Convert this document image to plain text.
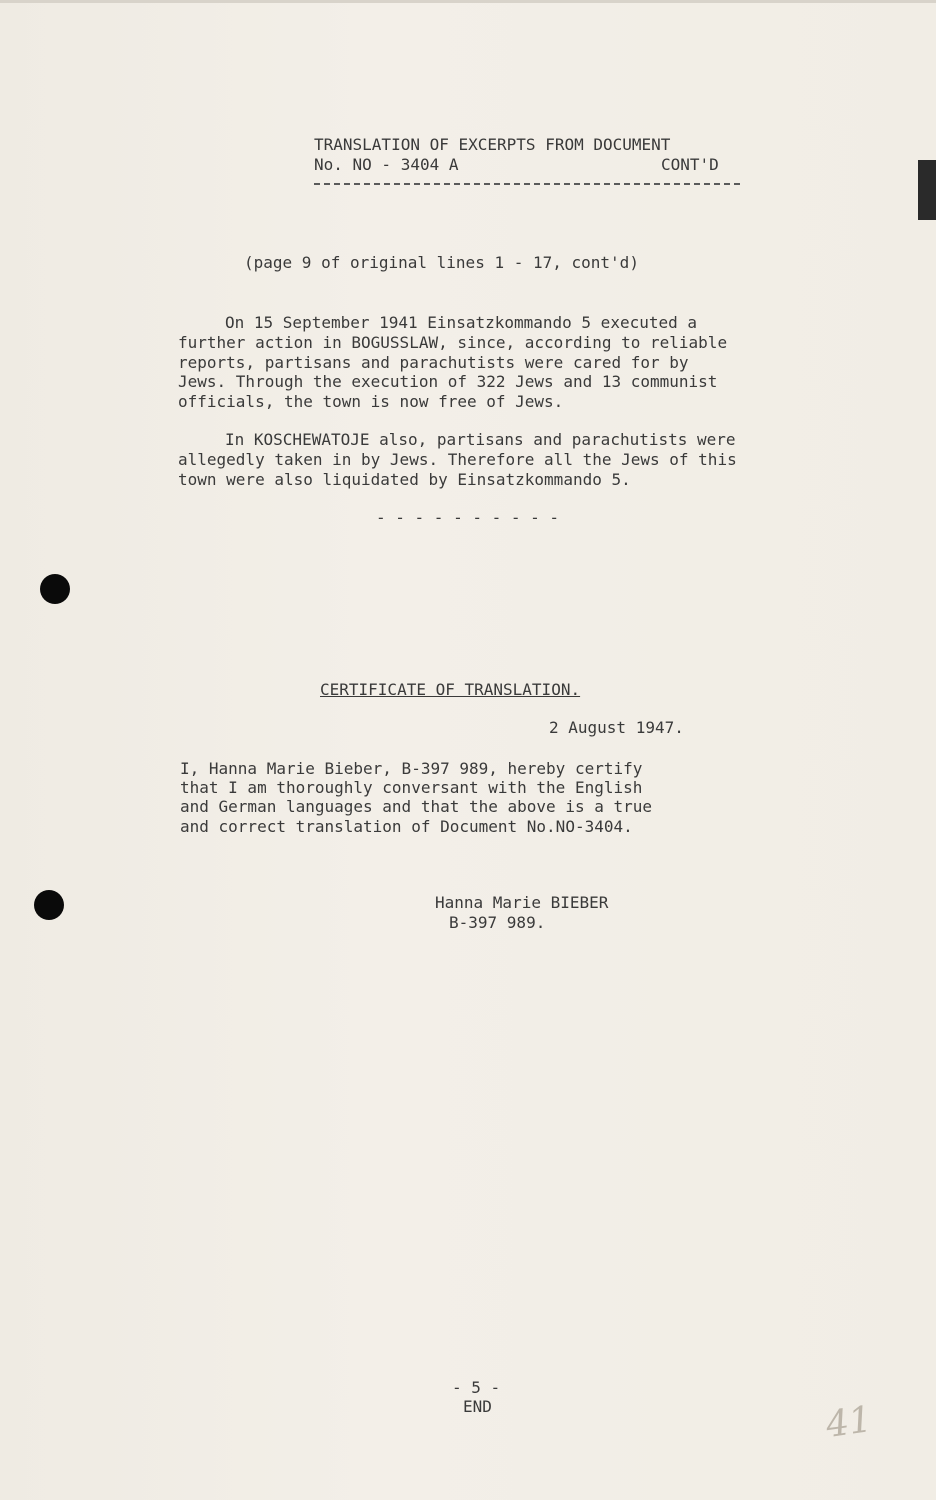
TRANSLATION OF EXCERPTS FROM DOCUMENT
No. NO - 3404 A	CONT'D
(page 9 of original lines 1 - 17, cont'd)
On 15 September 1941 Einsatzkommando 5 executed a
further action in BOGUSSLAW, since, according to reliable
reports, partisans and parachutists were cared for by
Jews. Through the execution of 322 Jews and 13 communist
officials, the town is now free of Jews.
In KOSCHEWATOJE also, partisans and parachutists were
allegedly taken in by Jews. Therefore all the Jews of this
town were also liquidated by Einsatzkommando 5.
- - - - - - - - - -
CERTIFICATE OF TRANSLATION.
2 August 1947.
I, Hanna Marie Bieber, B-397 989, hereby certify
that I am thoroughly conversant with the English
and German languages and that the above is a true
and correct translation of Document No.NO-3404.
Hanna Marie BIEBER
B-397 989.
- 5 -
END	41
